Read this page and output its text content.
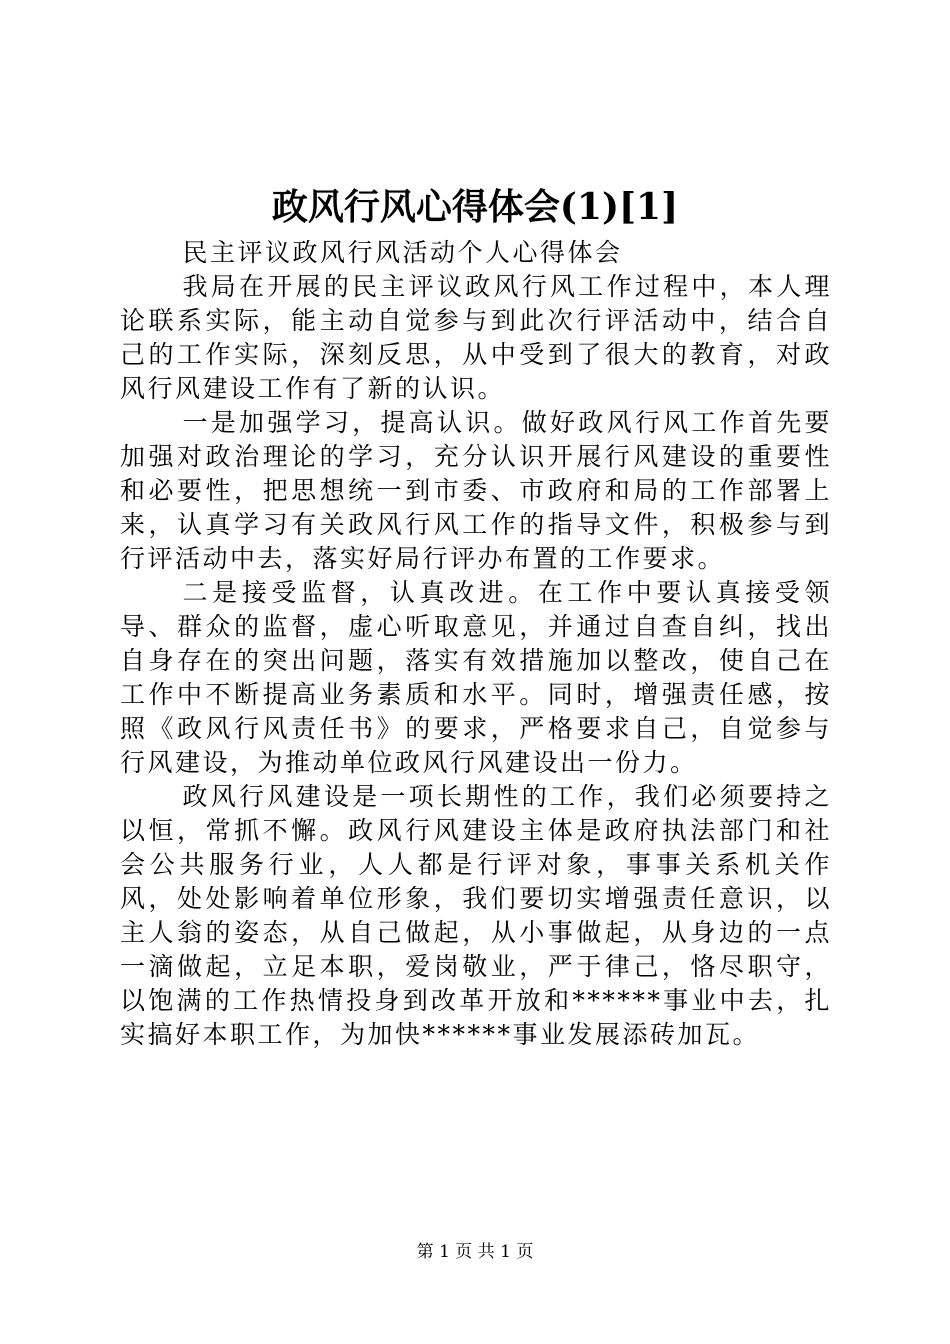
政风行风心得体会(1)[1]

民主评议政风行风活动个人心得体会

我局在开展的民主评议政风行风工作过程中，本人理论联系实际，能主动自觉参与到此次行评活动中，结合自己的工作实际，深刻反思，从中受到了很大的教育，对政风行风建设工作有了新的认识。

一是加强学习，提高认识。做好政风行风工作首先要加强对政治理论的学习，充分认识开展行风建设的重要性和必要性，把思想统一到市委、市政府和局的工作部署上来，认真学习有关政风行风工作的指导文件，积极参与到行评活动中去，落实好局行评办布置的工作要求。

二是接受监督，认真改进。在工作中要认真接受领导、群众的监督，虚心听取意见，并通过自查自纠，找出自身存在的突出问题，落实有效措施加以整改，使自己在工作中不断提高业务素质和水平。同时，增强责任感，按照《政风行风责任书》的要求，严格要求自己，自觉参与行风建设，为推动单位政风行风建设出一份力。

政风行风建设是一项长期性的工作，我们必须要持之以恒，常抓不懈。政风行风建设主体是政府执法部门和社会公共服务行业，人人都是行评对象，事事关系机关作风，处处影响着单位形象，我们要切实增强责任意识，以主人翁的姿态，从自己做起，从小事做起，从身边的一点一滴做起，立足本职，爱岗敬业，严于律己，恪尽职守，以饱满的工作热情投身到改革开放和******事业中去，扎实搞好本职工作，为加快******事业发展添砖加瓦。

第 1 页 共 1 页
